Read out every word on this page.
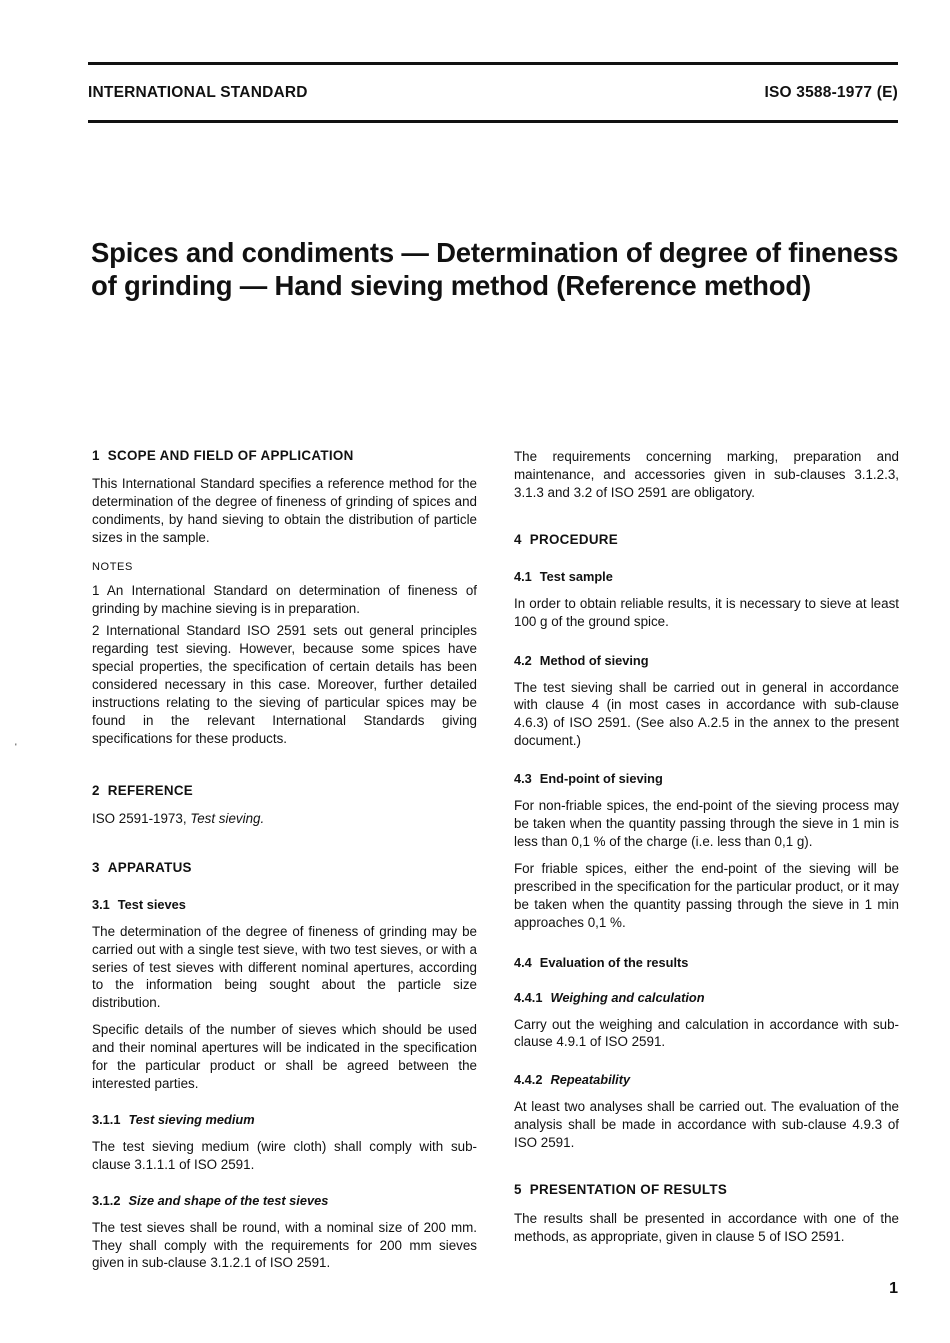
INTERNATIONAL STANDARD	ISO 3588-1977 (E)
Spices and condiments — Determination of degree of fineness of grinding — Hand sieving method (Reference method)
'
1 SCOPE AND FIELD OF APPLICATION

This International Standard specifies a reference method for the determination of the degree of fineness of grinding of spices and condiments, by hand sieving to obtain the distribution of particle sizes in the sample.

NOTES

1 An International Standard on determination of fineness of grinding by machine sieving is in preparation.

2 International Standard ISO 2591 sets out general principles regarding test sieving. However, because some spices have special properties, the specification of certain details has been considered necessary in this case. Moreover, further detailed instructions relating to the sieving of particular spices may be found in the relevant International Standards giving specifications for these products.

2 REFERENCE

ISO 2591-1973, Test sieving.

3 APPARATUS
3.1 Test sieves

The determination of the degree of fineness of grinding may be carried out with a single test sieve, with two test sieves, or with a series of test sieves with different nominal apertures, according to the information being sought about the particle size distribution.

Specific details of the number of sieves which should be used and their nominal apertures will be indicated in the specification for the particular product or shall be agreed between the interested parties.

3.1.1 Test sieving medium

The test sieving medium (wire cloth) shall comply with sub-clause 3.1.1.1 of ISO 2591.

3.1.2 Size and shape of the test sieves

The test sieves shall be round, with a nominal size of 200 mm. They shall comply with the requirements for 200 mm sieves given in sub-clause 3.1.2.1 of ISO 2591.

The requirements concerning marking, preparation and maintenance, and accessories given in sub-clauses 3.1.2.3, 3.1.3 and 3.2 of ISO 2591 are obligatory.

4 PROCEDURE
4.1 Test sample

In order to obtain reliable results, it is necessary to sieve at least 100 g of the ground spice.

4.2 Method of sieving

The test sieving shall be carried out in general in accordance with clause 4 (in most cases in accordance with sub-clause 4.6.3) of ISO 2591. (See also A.2.5 in the annex to the present document.)

4.3 End-point of sieving

For non-friable spices, the end-point of the sieving process may be taken when the quantity passing through the sieve in 1 min is less than 0,1 % of the charge (i.e. less than 0,1 g).

For friable spices, either the end-point of the sieving will be prescribed in the specification for the particular product, or it may be taken when the quantity passing through the sieve in 1 min approaches 0,1 %.

4.4 Evaluation of the results
4.4.1 Weighing and calculation

Carry out the weighing and calculation in accordance with sub-clause 4.9.1 of ISO 2591.

4.4.2 Repeatability

At least two analyses shall be carried out. The evaluation of the analysis shall be made in accordance with sub-clause 4.9.3 of ISO 2591.

5 PRESENTATION OF RESULTS

The results shall be presented in accordance with one of the methods, as appropriate, given in clause 5 of ISO 2591.

1
